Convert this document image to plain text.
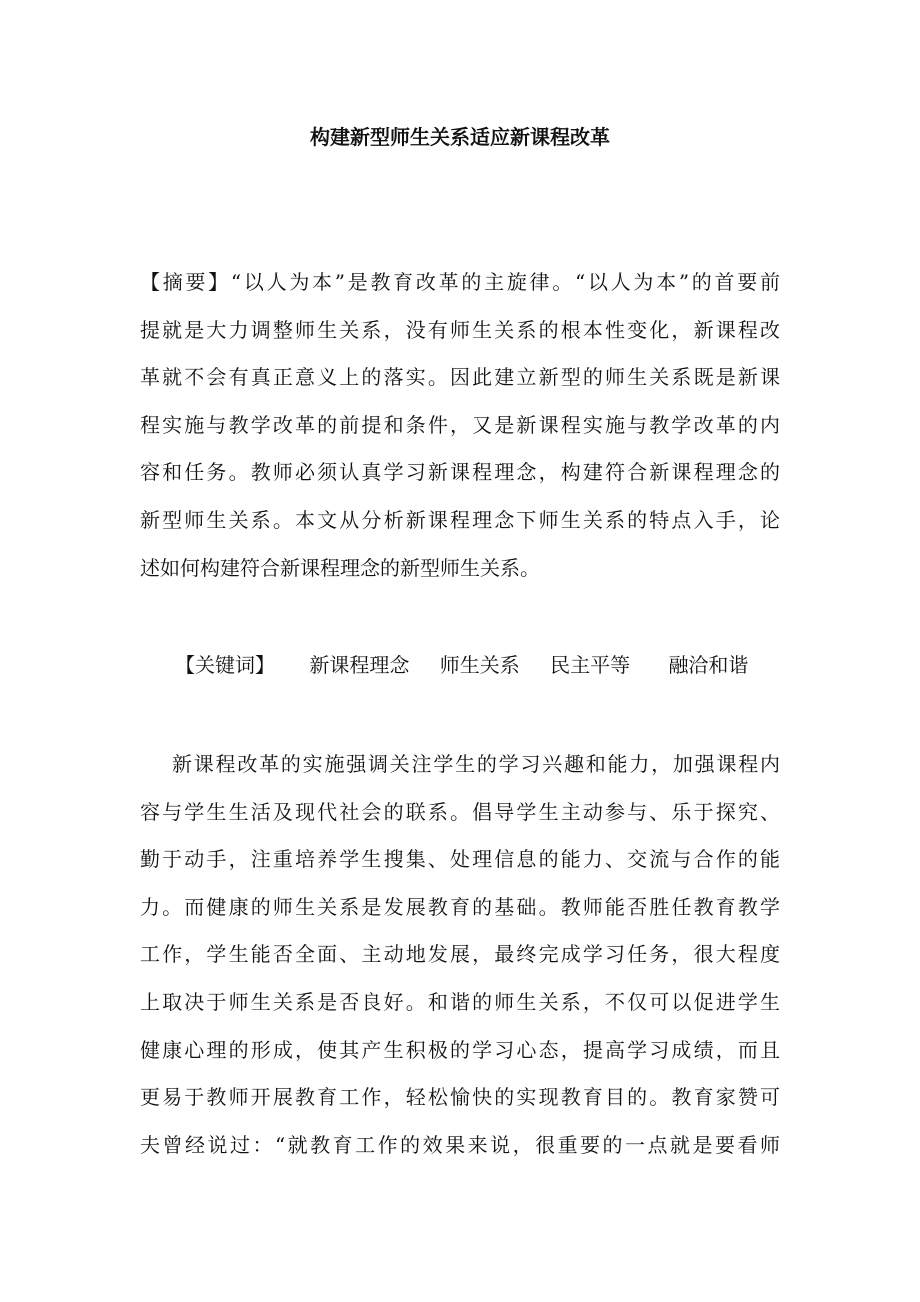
构建新型师生关系适应新课程改革
【摘要】“以人为本”是教育改革的主旋律。“以人为本”的首要前
提就是大力调整师生关系，没有师生关系的根本性变化，新课程改
革就不会有真正意义上的落实。因此建立新型的师生关系既是新课
程实施与教学改革的前提和条件，又是新课程实施与教学改革的内
容和任务。教师必须认真学习新课程理念，构建符合新课程理念的
新型师生关系。本文从分析新课程理念下师生关系的特点入手，论
述如何构建符合新课程理念的新型师生关系。
【关键词】 新课程理念 师生关系 民主平等 融洽和谐
新课程改革的实施强调关注学生的学习兴趣和能力，加强课程内
容与学生生活及现代社会的联系。倡导学生主动参与、乐于探究、
勤于动手，注重培养学生搜集、处理信息的能力、交流与合作的能
力。而健康的师生关系是发展教育的基础。教师能否胜任教育教学
工作，学生能否全面、主动地发展，最终完成学习任务，很大程度
上取决于师生关系是否良好。和谐的师生关系，不仅可以促进学生
健康心理的形成，使其产生积极的学习心态，提高学习成绩，而且
更易于教师开展教育工作，轻松愉快的实现教育目的。教育家赞可
夫曾经说过：“就教育工作的效果来说，很重要的一点就是要看师
